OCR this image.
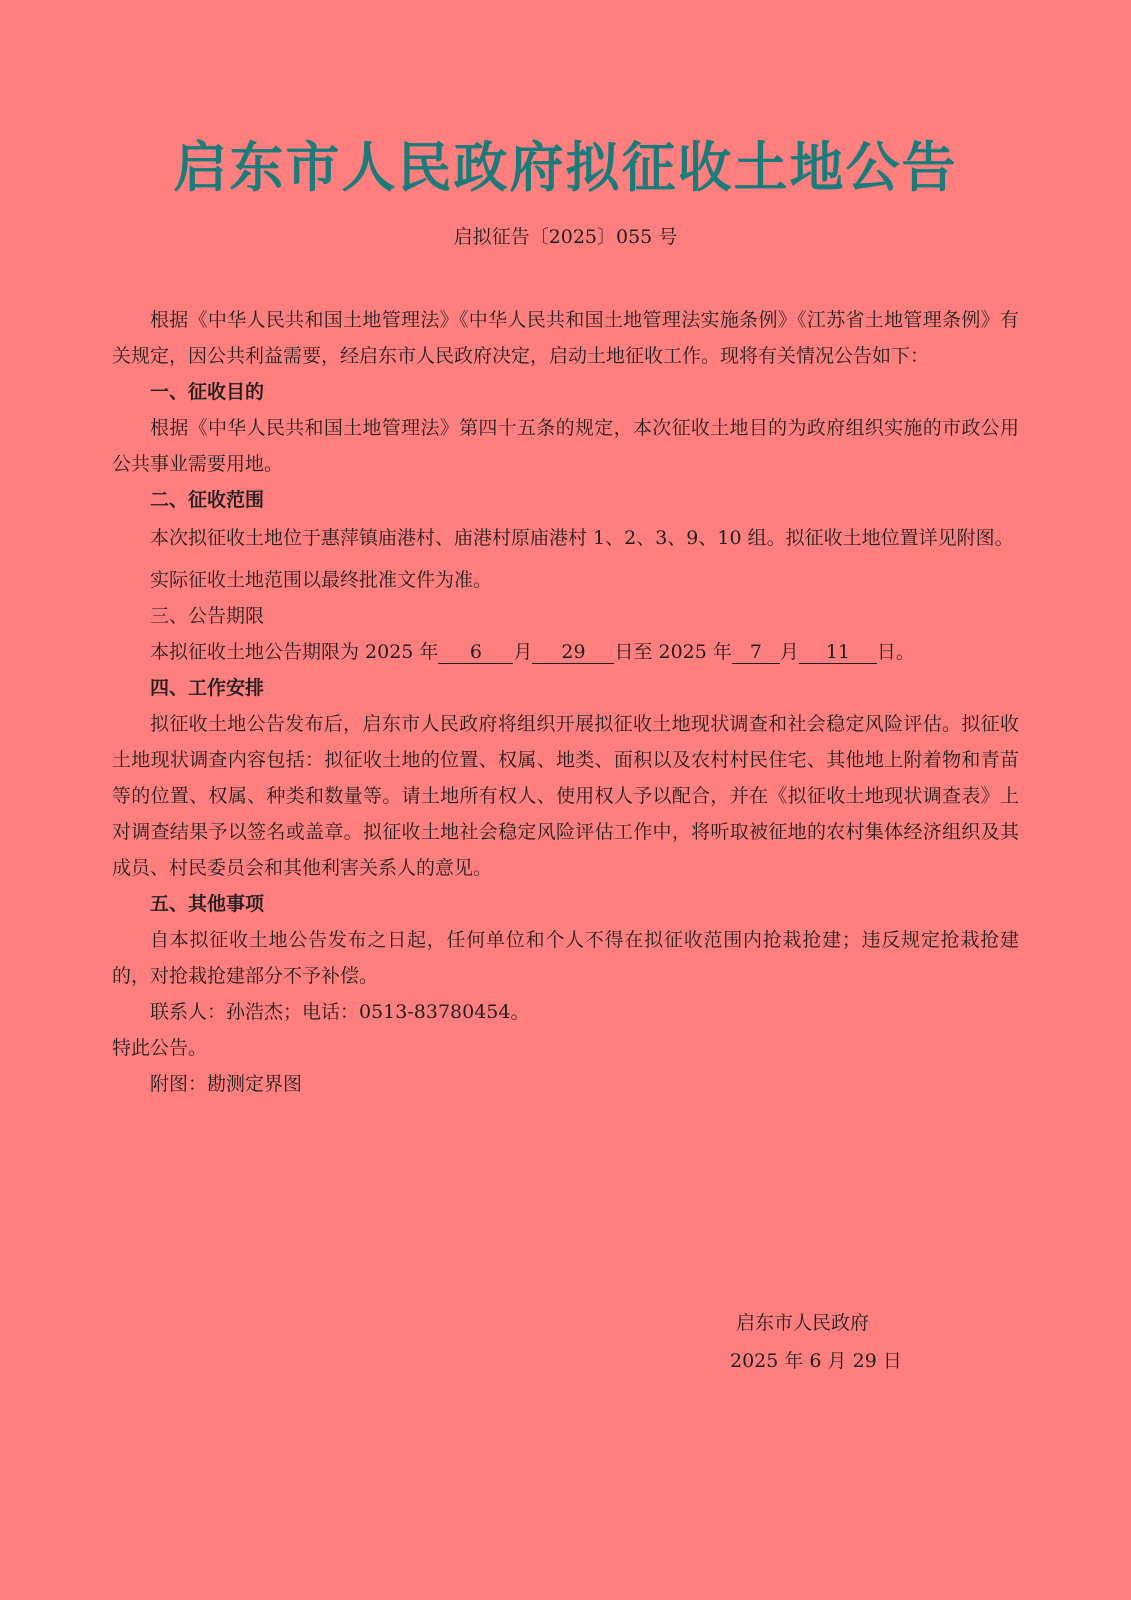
启东市人民政府拟征收土地公告
启拟征告〔2025〕055 号

根据《中华人民共和国土地管理法》《中华人民共和国土地管理法实施条例》《江苏省土地管理条例》有关规定，因公共利益需要，经启东市人民政府决定，启动土地征收工作。现将有关情况公告如下：

一、征收目的

根据《中华人民共和国土地管理法》第四十五条的规定，本次征收土地目的为政府组织实施的市政公用公共事业需要用地。

二、征收范围

本次拟征收土地位于惠萍镇庙港村、庙港村原庙港村 1、2、3、9、10 组。拟征收土地位置详见附图。

实际征收土地范围以最终批准文件为准。

三、公告期限

本拟征收土地公告期限为 2025 年 6 月 29 日至 2025 年 7 月 11 日。

四、工作安排

拟征收土地公告发布后，启东市人民政府将组织开展拟征收土地现状调查和社会稳定风险评估。拟征收土地现状调查内容包括：拟征收土地的位置、权属、地类、面积以及农村村民住宅、其他地上附着物和青苗等的位置、权属、种类和数量等。请土地所有权人、使用权人予以配合，并在《拟征收土地现状调查表》上对调查结果予以签名或盖章。拟征收土地社会稳定风险评估工作中，将听取被征地的农村集体经济组织及其成员、村民委员会和其他利害关系人的意见。

五、其他事项

自本拟征收土地公告发布之日起，任何单位和个人不得在拟征收范围内抢栽抢建；违反规定抢栽抢建的，对抢栽抢建部分不予补偿。

联系人：孙浩杰；电话：0513-83780454。

特此公告。

附图：勘测定界图

启东市人民政府
2025 年 6 月 29 日
